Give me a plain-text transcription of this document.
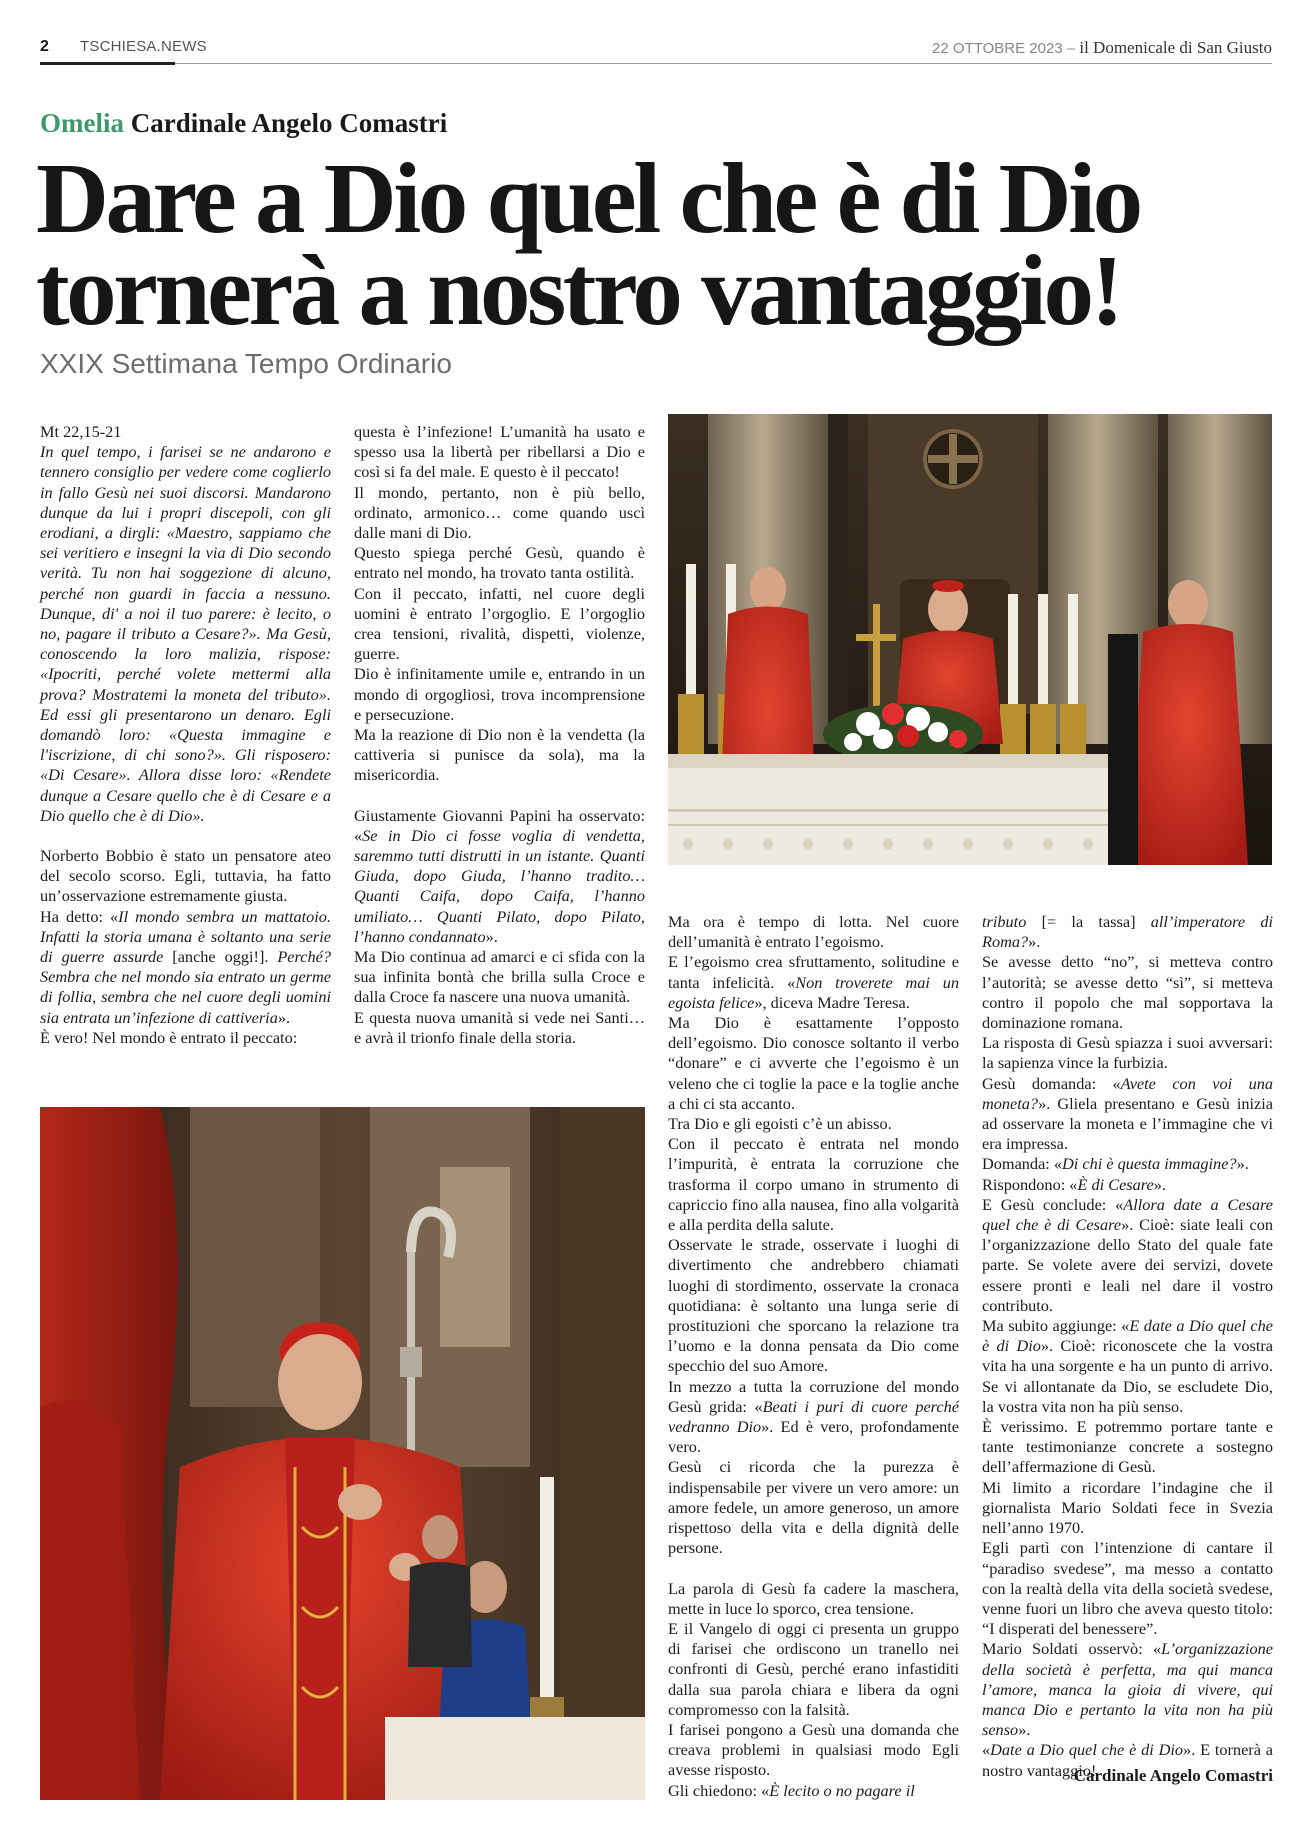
2 TSCHIESA.NEWS	22 OTTOBRE 2023 – il Domenicale di San Giusto
Omelia Cardinale Angelo Comastri
Dare a Dio quel che è di Dio
tornerà a nostro vantaggio!
XXIX Settimana Tempo Ordinario

Mt 22,15-21

In quel tempo, i farisei se ne andarono e tennero consiglio per vedere come coglierlo in fallo Gesù nei suoi discorsi. Mandarono dunque da lui i propri discepoli, con gli erodiani, a dirgli: «Maestro, sappiamo che sei veritiero e insegni la via di Dio secondo verità. Tu non hai soggezione di alcuno, perché non guardi in faccia a nessuno. Dunque, di' a noi il tuo parere: è lecito, o no, pagare il tributo a Cesare?». Ma Gesù, conoscendo la loro malizia, rispose: «Ipocriti, perché volete mettermi alla prova? Mostratemi la moneta del tributo». Ed essi gli presentarono un denaro. Egli domandò loro: «Questa immagine e l'iscrizione, di chi sono?». Gli risposero: «Di Cesare». Allora disse loro: «Rendete dunque a Cesare quello che è di Cesare e a Dio quello che è di Dio».

Norberto Bobbio è stato un pensatore ateo del secolo scorso. Egli, tuttavia, ha fatto un’osservazione estremamente giusta.

Ha detto: «Il mondo sembra un mattatoio. Infatti la storia umana è soltanto una serie di guerre assurde [anche oggi!]. Perché? Sembra che nel mondo sia entrato un germe di follia, sembra che nel cuore degli uomini sia entrata un’infezione di cattiveria».

È vero! Nel mondo è entrato il peccato:

questa è l’infezione! L’umanità ha usato e spesso usa la libertà per ribellarsi a Dio e così si fa del male. E questo è il peccato!

Il mondo, pertanto, non è più bello, ordinato, armonico… come quando uscì dalle mani di Dio.

Questo spiega perché Gesù, quando è entrato nel mondo, ha trovato tanta ostilità.

Con il peccato, infatti, nel cuore degli uomini è entrato l’orgoglio. E l’orgoglio crea tensioni, rivalità, dispetti, violenze, guerre.

Dio è infinitamente umile e, entrando in un mondo di orgogliosi, trova incomprensione e persecuzione.

Ma la reazione di Dio non è la vendetta (la cattiveria si punisce da sola), ma la misericordia.

Giustamente Giovanni Papini ha osservato: «Se in Dio ci fosse voglia di vendetta, saremmo tutti distrutti in un istante. Quanti Giuda, dopo Giuda, l’hanno tradito… Quanti Caifa, dopo Caifa, l’hanno umiliato… Quanti Pilato, dopo Pilato, l’hanno condannato».

Ma Dio continua ad amarci e ci sfida con la sua infinita bontà che brilla sulla Croce e dalla Croce fa nascere una nuova umanità.

E questa nuova umanità si vede nei Santi… e avrà il trionfo finale della storia.

Ma ora è tempo di lotta. Nel cuore dell’umanità è entrato l’egoismo.

E l’egoismo crea sfruttamento, solitudine e tanta infelicità. «Non troverete mai un egoista felice», diceva Madre Teresa.

Ma Dio è esattamente l’opposto dell’egoismo. Dio conosce soltanto il verbo “donare” e ci avverte che l’egoismo è un veleno che ci toglie la pace e la toglie anche a chi ci sta accanto.

Tra Dio e gli egoisti c’è un abisso.

Con il peccato è entrata nel mondo l’impurità, è entrata la corruzione che trasforma il corpo umano in strumento di capriccio fino alla nausea, fino alla volgarità e alla perdita della salute.

Osservate le strade, osservate i luoghi di divertimento che andrebbero chiamati luoghi di stordimento, osservate la cronaca quotidiana: è soltanto una lunga serie di prostituzioni che sporcano la relazione tra l’uomo e la donna pensata da Dio come specchio del suo Amore.

In mezzo a tutta la corruzione del mondo Gesù grida: «Beati i puri di cuore perché vedranno Dio». Ed è vero, profondamente vero.

Gesù ci ricorda che la purezza è indispensabile per vivere un vero amore: un amore fedele, un amore generoso, un amore rispettoso della vita e della dignità delle persone.

La parola di Gesù fa cadere la maschera, mette in luce lo sporco, crea tensione.

E il Vangelo di oggi ci presenta un gruppo di farisei che ordiscono un tranello nei confronti di Gesù, perché erano infastiditi dalla sua parola chiara e libera da ogni compromesso con la falsità.

I farisei pongono a Gesù una domanda che creava problemi in qualsiasi modo Egli avesse risposto.

Gli chiedono: «È lecito o no pagare il

tributo [= la tassa] all’imperatore di Roma?».

Se avesse detto “no”, si metteva contro l’autorità; se avesse detto “sì”, si metteva contro il popolo che mal sopportava la dominazione romana.

La risposta di Gesù spiazza i suoi avversari: la sapienza vince la furbizia.

Gesù domanda: «Avete con voi una moneta?». Gliela presentano e Gesù inizia ad osservare la moneta e l’immagine che vi era impressa.

Domanda: «Di chi è questa immagine?».

Rispondono: «È di Cesare».

E Gesù conclude: «Allora date a Cesare quel che è di Cesare». Cioè: siate leali con l’organizzazione dello Stato del quale fate parte. Se volete avere dei servizi, dovete essere pronti e leali nel dare il vostro contributo.

Ma subito aggiunge: «E date a Dio quel che è di Dio». Cioè: riconoscete che la vostra vita ha una sorgente e ha un punto di arrivo. Se vi allontanate da Dio, se escludete Dio, la vostra vita non ha più senso.

È verissimo. E potremmo portare tante e tante testimonianze concrete a sostegno dell’affermazione di Gesù.

Mi limito a ricordare l’indagine che il giornalista Mario Soldati fece in Svezia nell’anno 1970.

Egli partì con l’intenzione di cantare il “paradiso svedese”, ma messo a contatto con la realtà della vita della società svedese, venne fuori un libro che aveva questo titolo: “I disperati del benessere”.

Mario Soldati osservò: «L’organizzazione della società è perfetta, ma qui manca l’amore, manca la gioia di vivere, qui manca Dio e pertanto la vita non ha più senso».

«Date a Dio quel che è di Dio». E tornerà a nostro vantaggio!

Cardinale Angelo Comastri
